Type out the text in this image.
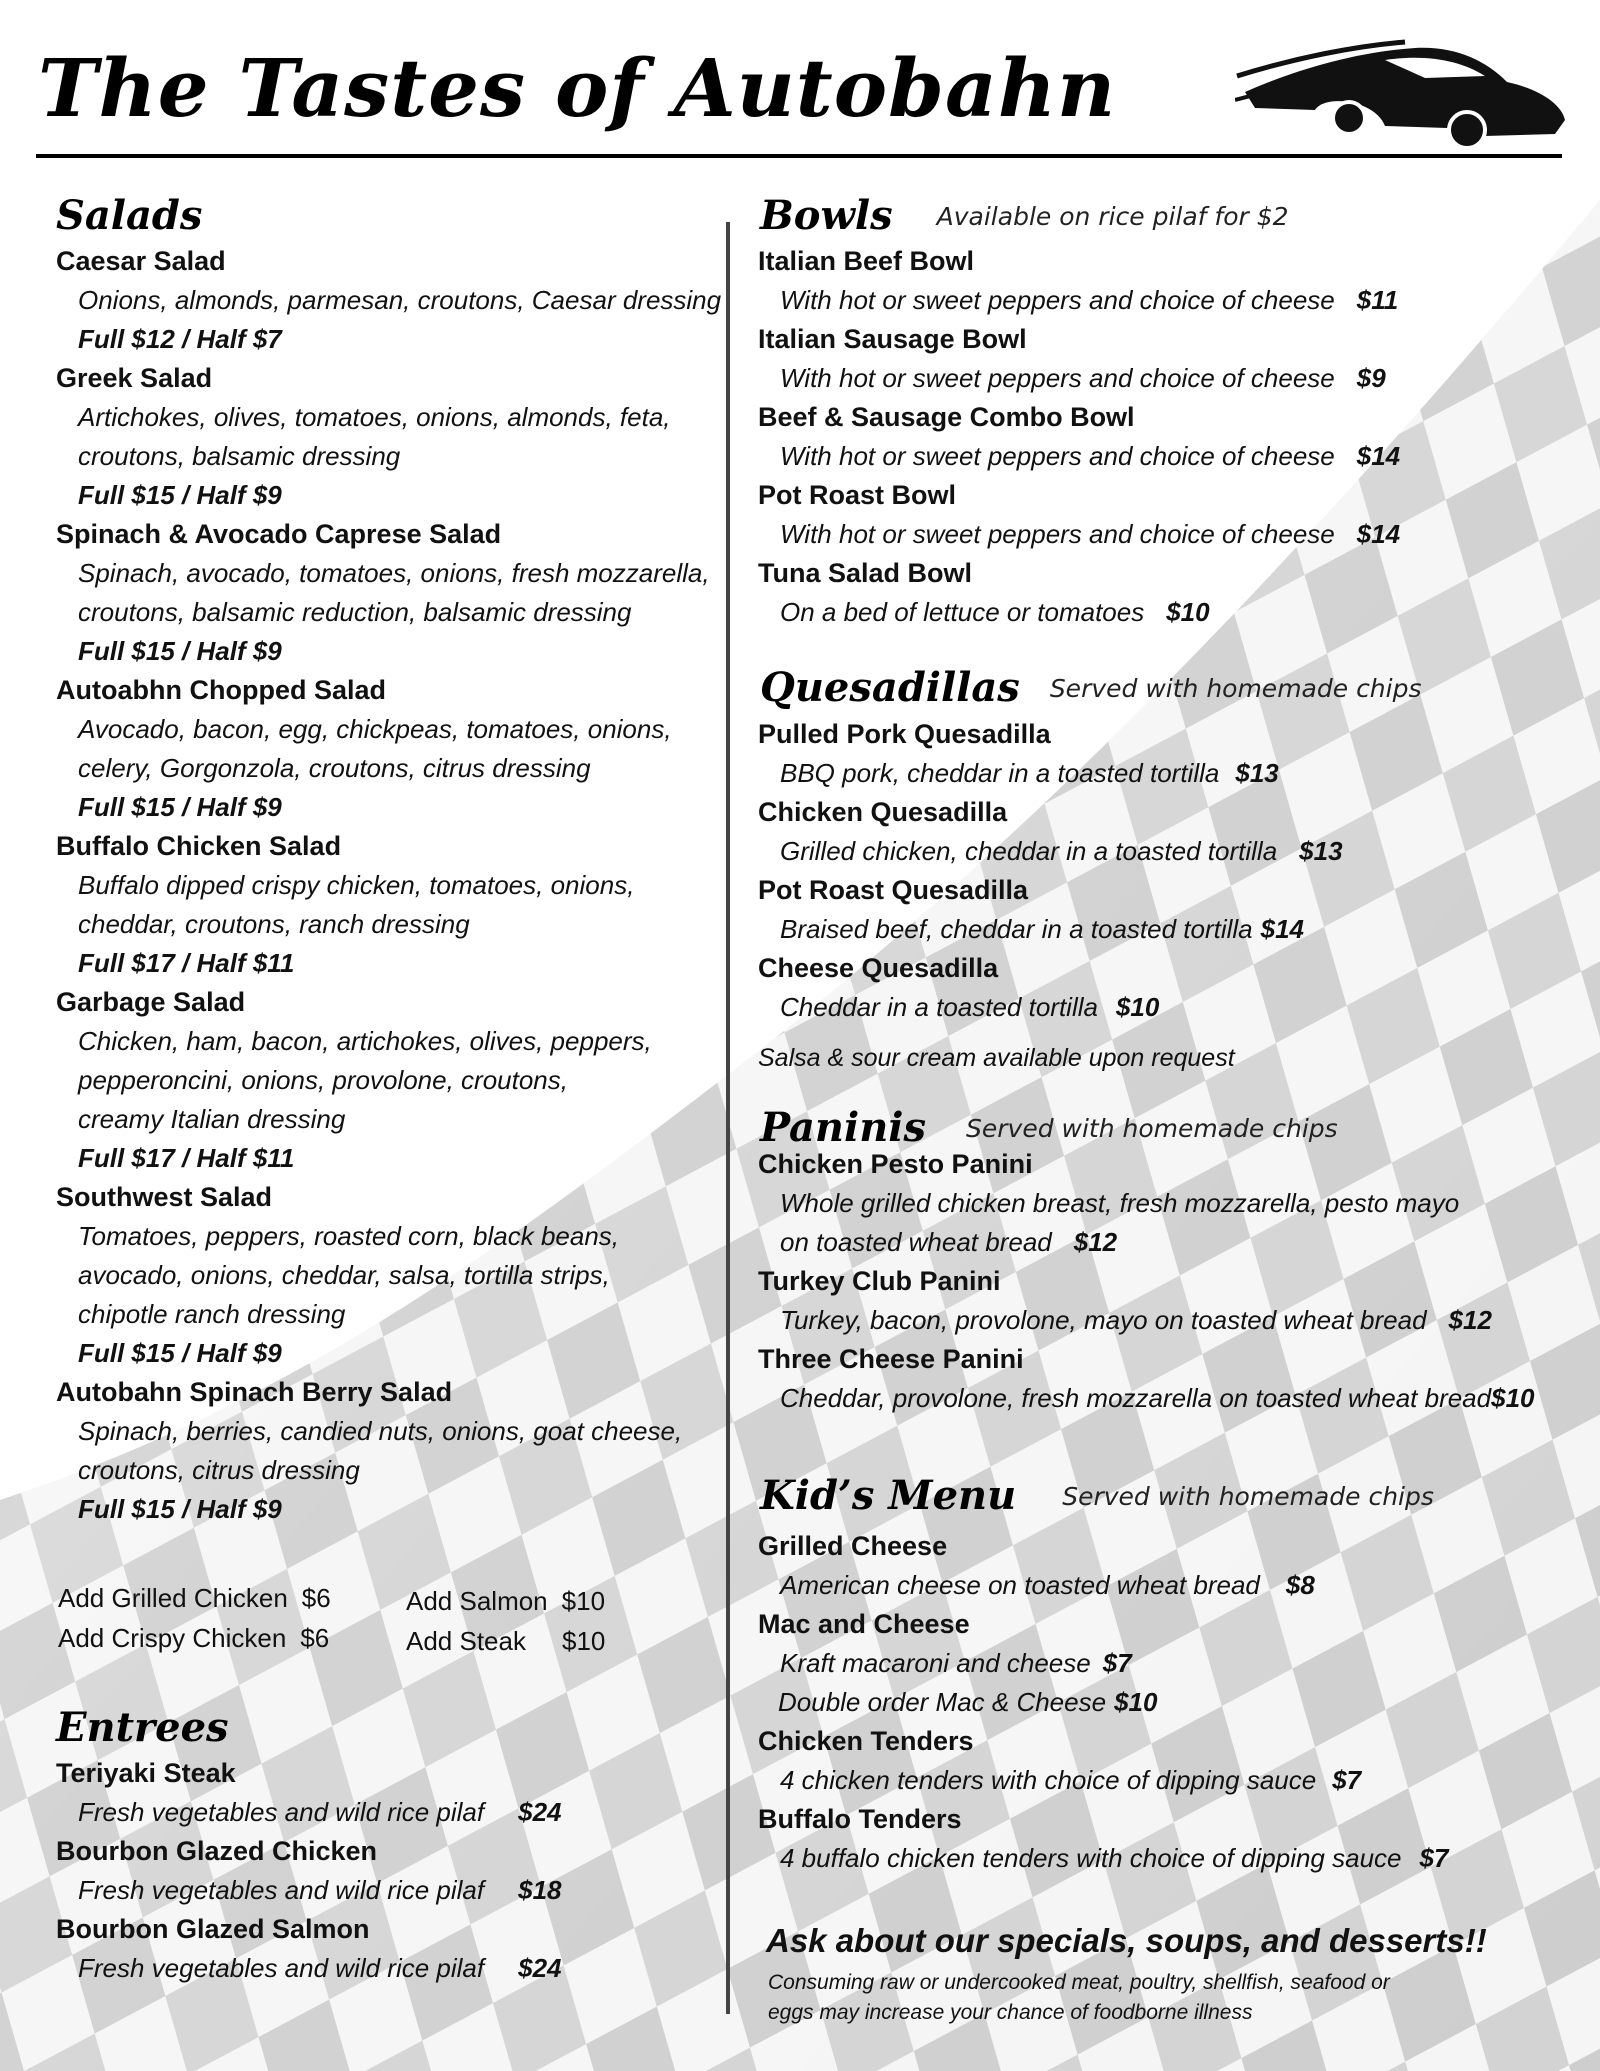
The Tastes of Autobahn
Salads
Caesar Salad
Onions, almonds, parmesan, croutons, Caesar dressing
Full $12 / Half $7
Greek Salad
Artichokes, olives, tomatoes, onions, almonds, feta,
croutons, balsamic dressing
Full $15 / Half $9
Spinach & Avocado Caprese Salad
Spinach, avocado, tomatoes, onions, fresh mozzarella,
croutons, balsamic reduction, balsamic dressing
Full $15 / Half $9
Autoabhn Chopped Salad
Avocado, bacon, egg, chickpeas, tomatoes, onions,
celery, Gorgonzola, croutons, citrus dressing
Full $15 / Half $9
Buffalo Chicken Salad
Buffalo dipped crispy chicken, tomatoes, onions,
cheddar, croutons, ranch dressing
Full $17 / Half $11
Garbage Salad
Chicken, ham, bacon, artichokes, olives, peppers,
pepperoncini, onions, provolone, croutons,
creamy Italian dressing
Full $17 / Half $11
Southwest Salad
Tomatoes, peppers, roasted corn, black beans,
avocado, onions, cheddar, salsa, tortilla strips,
chipotle ranch dressing
Full $15 / Half $9
Autobahn Spinach Berry Salad
Spinach, berries, candied nuts, onions, goat cheese,
croutons, citrus dressing
Full $15 / Half $9
Add Grilled Chicken $6
Add Crispy Chicken $6
Add Salmon $10
Add Steak $10
Entrees
Teriyaki Steak
Fresh vegetables and wild rice pilaf $24
Bourbon Glazed Chicken
Fresh vegetables and wild rice pilaf $18
Bourbon Glazed Salmon
Fresh vegetables and wild rice pilaf $24
Bowls Available on rice pilaf for $2
Italian Beef Bowl
With hot or sweet peppers and choice of cheese $11
Italian Sausage Bowl
With hot or sweet peppers and choice of cheese $9
Beef & Sausage Combo Bowl
With hot or sweet peppers and choice of cheese $14
Pot Roast Bowl
With hot or sweet peppers and choice of cheese $14
Tuna Salad Bowl
On a bed of lettuce or tomatoes $10
Quesadillas Served with homemade chips
Pulled Pork Quesadilla
BBQ pork, cheddar in a toasted tortilla $13
Chicken Quesadilla
Grilled chicken, cheddar in a toasted tortilla $13
Pot Roast Quesadilla
Braised beef, cheddar in a toasted tortilla $14
Cheese Quesadilla
Cheddar in a toasted tortilla $10
Salsa & sour cream available upon request
Paninis Served with homemade chips
Chicken Pesto Panini
Whole grilled chicken breast, fresh mozzarella, pesto mayo
on toasted wheat bread $12
Turkey Club Panini
Turkey, bacon, provolone, mayo on toasted wheat bread $12
Three Cheese Panini
Cheddar, provolone, fresh mozzarella on toasted wheat bread$10
Kid’s Menu Served with homemade chips
Grilled Cheese
American cheese on toasted wheat bread $8
Mac and Cheese
Kraft macaroni and cheese $7
Double order Mac & Cheese $10
Chicken Tenders
4 chicken tenders with choice of dipping sauce $7
Buffalo Tenders
4 buffalo chicken tenders with choice of dipping sauce $7
Ask about our specials, soups, and desserts!!
Consuming raw or undercooked meat, poultry, shellfish, seafood or
eggs may increase your chance of foodborne illness
